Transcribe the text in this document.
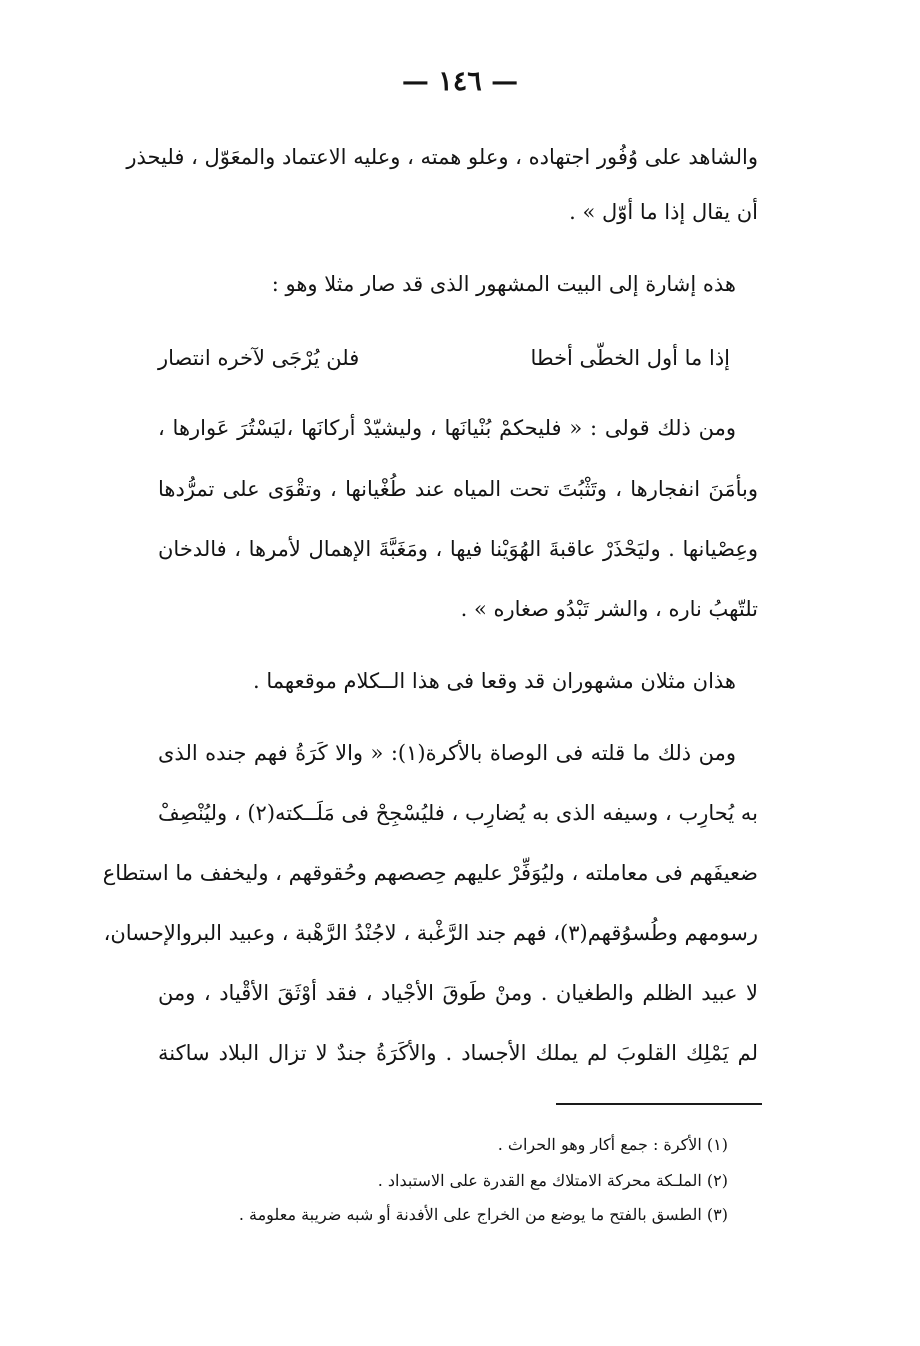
— ١٤٦ —
والشاهد على وُفُور اجتهاده ، وعلو همته ، وعليه الاعتماد والمعَوّل ، فليحذر
أن يقال إذا ما أوّل » .
هذه إشارة إلى البيت المشهور الذى قد صار مثلا وهو :
إذا ما أول الخطّى أخطا
فلن يُرْجَى لآخره انتصار
ومن ذلك قولى : « فليحكمْ بُنْيانَها ، وليشيّدْ أركانَها ،ليَسْتُرَ عَوارها ،
وبأمَنَ انفجارها ، وتَثْبُتَ تحت المياه عند طُغْيانها ، وتقْوَى على تمرُّدها
وعِصْيانها . وليَحْذَرْ عاقبةَ الهُوَيْنا فيها ، ومَغَبَّةَ الإهمال لأمرها ، فالدخان
تلتّهبُ ناره ، والشر تَبْدُو صغاره » .
هذان مثلان مشهوران قد وقعا فى هذا الــكلام موقعهما .
ومن ذلك ما قلته فى الوصاة بالأكرة(١): « والا كَرَةُ فهم جنده الذى
به يُحارِب ، وسيفه الذى به يُضارِب ، فليُسْجِحْ فى مَلَــكته(٢) ، وليُنْصِفْ
ضعيفَهم فى معاملته ، وليُوَفِّرْ عليهم حِصصهم وحُقوقهم ، وليخفف ما استطاع
رسومهم وطُسوُقهم(٣)، فهم جند الرَّغْبة ، لاجُنْدُ الرَّهْبة ، وعبيد البروالإحسان،
لا عبيد الظلم والطغيان . ومنْ طَوقَ الأجْياد ، فقد أوْثَقَ الأقْياد ، ومن
لم يَمْلِك القلوبَ لم يملك الأجساد . والأكَرَةُ جندٌ لا تزال البلاد ساكنة
(١) الأكرة : جمع أكار وهو الحراث .
(٢) الملـكة محركة الامتلاك مع القدرة على الاستبداد .
(٣) الطسق بالفتح ما يوضع من الخراج على الأفدنة أو شبه ضريبة معلومة .
